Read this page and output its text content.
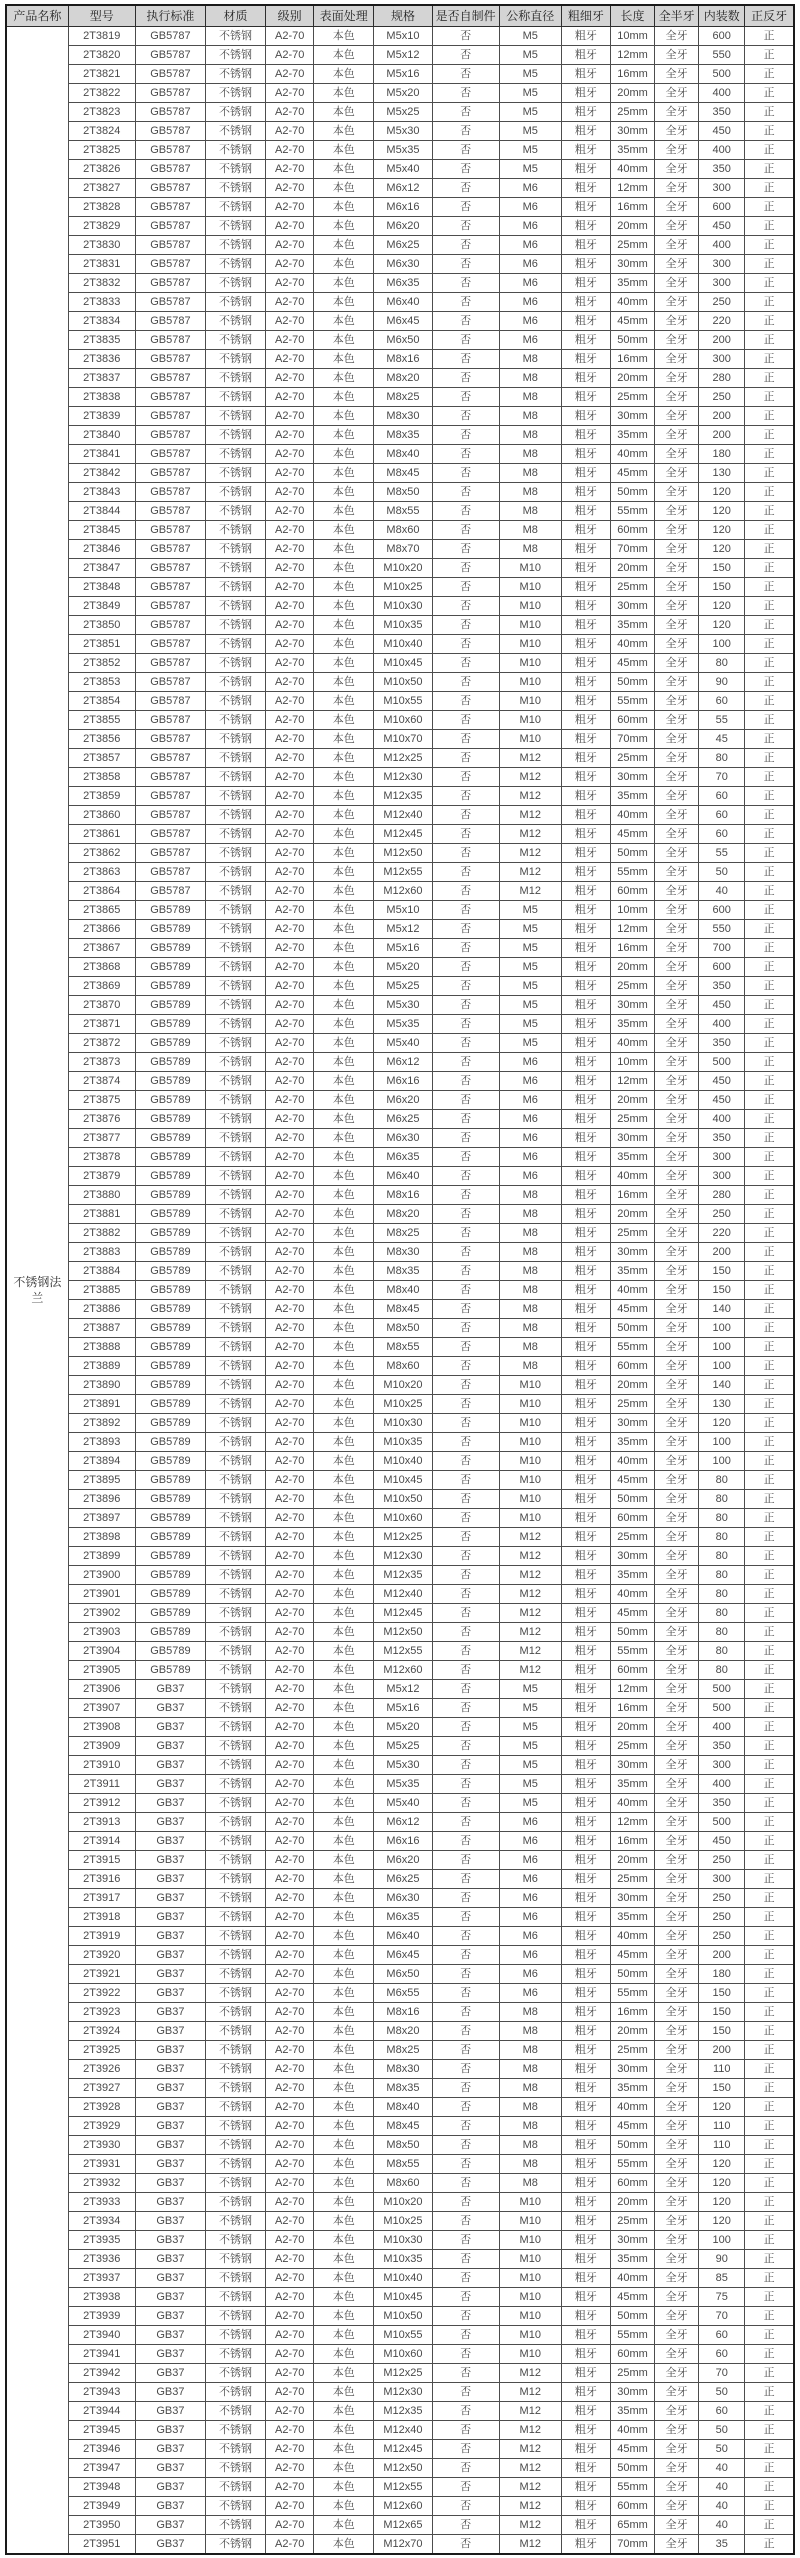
产品名称	型号	执行标准	材质	级别	表面处理	规格	是否自制件	公称直径	粗细牙	长度	全半牙	内装数	正反牙
不锈钢法兰	2T3819	GB5787	不锈钢	A2-70	本色	M5x10	否	M5	粗牙	10mm	全牙	600	正
	2T3820	GB5787	不锈钢	A2-70	本色	M5x12	否	M5	粗牙	12mm	全牙	550	正
	2T3821	GB5787	不锈钢	A2-70	本色	M5x16	否	M5	粗牙	16mm	全牙	500	正
	2T3822	GB5787	不锈钢	A2-70	本色	M5x20	否	M5	粗牙	20mm	全牙	400	正
	2T3823	GB5787	不锈钢	A2-70	本色	M5x25	否	M5	粗牙	25mm	全牙	350	正
	2T3824	GB5787	不锈钢	A2-70	本色	M5x30	否	M5	粗牙	30mm	全牙	450	正
	2T3825	GB5787	不锈钢	A2-70	本色	M5x35	否	M5	粗牙	35mm	全牙	400	正
	2T3826	GB5787	不锈钢	A2-70	本色	M5x40	否	M5	粗牙	40mm	全牙	350	正
	2T3827	GB5787	不锈钢	A2-70	本色	M6x12	否	M6	粗牙	12mm	全牙	300	正
	2T3828	GB5787	不锈钢	A2-70	本色	M6x16	否	M6	粗牙	16mm	全牙	600	正
	2T3829	GB5787	不锈钢	A2-70	本色	M6x20	否	M6	粗牙	20mm	全牙	450	正
	2T3830	GB5787	不锈钢	A2-70	本色	M6x25	否	M6	粗牙	25mm	全牙	400	正
	2T3831	GB5787	不锈钢	A2-70	本色	M6x30	否	M6	粗牙	30mm	全牙	300	正
	2T3832	GB5787	不锈钢	A2-70	本色	M6x35	否	M6	粗牙	35mm	全牙	300	正
	2T3833	GB5787	不锈钢	A2-70	本色	M6x40	否	M6	粗牙	40mm	全牙	250	正
	2T3834	GB5787	不锈钢	A2-70	本色	M6x45	否	M6	粗牙	45mm	全牙	220	正
	2T3835	GB5787	不锈钢	A2-70	本色	M6x50	否	M6	粗牙	50mm	全牙	200	正
	2T3836	GB5787	不锈钢	A2-70	本色	M8x16	否	M8	粗牙	16mm	全牙	300	正
	2T3837	GB5787	不锈钢	A2-70	本色	M8x20	否	M8	粗牙	20mm	全牙	280	正
	2T3838	GB5787	不锈钢	A2-70	本色	M8x25	否	M8	粗牙	25mm	全牙	250	正
	2T3839	GB5787	不锈钢	A2-70	本色	M8x30	否	M8	粗牙	30mm	全牙	200	正
	2T3840	GB5787	不锈钢	A2-70	本色	M8x35	否	M8	粗牙	35mm	全牙	200	正
	2T3841	GB5787	不锈钢	A2-70	本色	M8x40	否	M8	粗牙	40mm	全牙	180	正
	2T3842	GB5787	不锈钢	A2-70	本色	M8x45	否	M8	粗牙	45mm	全牙	130	正
	2T3843	GB5787	不锈钢	A2-70	本色	M8x50	否	M8	粗牙	50mm	全牙	120	正
	2T3844	GB5787	不锈钢	A2-70	本色	M8x55	否	M8	粗牙	55mm	全牙	120	正
	2T3845	GB5787	不锈钢	A2-70	本色	M8x60	否	M8	粗牙	60mm	全牙	120	正
	2T3846	GB5787	不锈钢	A2-70	本色	M8x70	否	M8	粗牙	70mm	全牙	120	正
	2T3847	GB5787	不锈钢	A2-70	本色	M10x20	否	M10	粗牙	20mm	全牙	150	正
	2T3848	GB5787	不锈钢	A2-70	本色	M10x25	否	M10	粗牙	25mm	全牙	150	正
	2T3849	GB5787	不锈钢	A2-70	本色	M10x30	否	M10	粗牙	30mm	全牙	120	正
	2T3850	GB5787	不锈钢	A2-70	本色	M10x35	否	M10	粗牙	35mm	全牙	120	正
	2T3851	GB5787	不锈钢	A2-70	本色	M10x40	否	M10	粗牙	40mm	全牙	100	正
	2T3852	GB5787	不锈钢	A2-70	本色	M10x45	否	M10	粗牙	45mm	全牙	80	正
	2T3853	GB5787	不锈钢	A2-70	本色	M10x50	否	M10	粗牙	50mm	全牙	90	正
	2T3854	GB5787	不锈钢	A2-70	本色	M10x55	否	M10	粗牙	55mm	全牙	60	正
	2T3855	GB5787	不锈钢	A2-70	本色	M10x60	否	M10	粗牙	60mm	全牙	55	正
	2T3856	GB5787	不锈钢	A2-70	本色	M10x70	否	M10	粗牙	70mm	全牙	45	正
	2T3857	GB5787	不锈钢	A2-70	本色	M12x25	否	M12	粗牙	25mm	全牙	80	正
	2T3858	GB5787	不锈钢	A2-70	本色	M12x30	否	M12	粗牙	30mm	全牙	70	正
	2T3859	GB5787	不锈钢	A2-70	本色	M12x35	否	M12	粗牙	35mm	全牙	60	正
	2T3860	GB5787	不锈钢	A2-70	本色	M12x40	否	M12	粗牙	40mm	全牙	60	正
	2T3861	GB5787	不锈钢	A2-70	本色	M12x45	否	M12	粗牙	45mm	全牙	60	正
	2T3862	GB5787	不锈钢	A2-70	本色	M12x50	否	M12	粗牙	50mm	全牙	55	正
	2T3863	GB5787	不锈钢	A2-70	本色	M12x55	否	M12	粗牙	55mm	全牙	50	正
	2T3864	GB5787	不锈钢	A2-70	本色	M12x60	否	M12	粗牙	60mm	全牙	40	正
	2T3865	GB5789	不锈钢	A2-70	本色	M5x10	否	M5	粗牙	10mm	全牙	600	正
	2T3866	GB5789	不锈钢	A2-70	本色	M5x12	否	M5	粗牙	12mm	全牙	550	正
	2T3867	GB5789	不锈钢	A2-70	本色	M5x16	否	M5	粗牙	16mm	全牙	700	正
	2T3868	GB5789	不锈钢	A2-70	本色	M5x20	否	M5	粗牙	20mm	全牙	600	正
	2T3869	GB5789	不锈钢	A2-70	本色	M5x25	否	M5	粗牙	25mm	全牙	350	正
	2T3870	GB5789	不锈钢	A2-70	本色	M5x30	否	M5	粗牙	30mm	全牙	450	正
	2T3871	GB5789	不锈钢	A2-70	本色	M5x35	否	M5	粗牙	35mm	全牙	400	正
	2T3872	GB5789	不锈钢	A2-70	本色	M5x40	否	M5	粗牙	40mm	全牙	350	正
	2T3873	GB5789	不锈钢	A2-70	本色	M6x12	否	M6	粗牙	10mm	全牙	500	正
	2T3874	GB5789	不锈钢	A2-70	本色	M6x16	否	M6	粗牙	12mm	全牙	450	正
	2T3875	GB5789	不锈钢	A2-70	本色	M6x20	否	M6	粗牙	20mm	全牙	450	正
	2T3876	GB5789	不锈钢	A2-70	本色	M6x25	否	M6	粗牙	25mm	全牙	400	正
	2T3877	GB5789	不锈钢	A2-70	本色	M6x30	否	M6	粗牙	30mm	全牙	350	正
	2T3878	GB5789	不锈钢	A2-70	本色	M6x35	否	M6	粗牙	35mm	全牙	300	正
	2T3879	GB5789	不锈钢	A2-70	本色	M6x40	否	M6	粗牙	40mm	全牙	300	正
	2T3880	GB5789	不锈钢	A2-70	本色	M8x16	否	M8	粗牙	16mm	全牙	280	正
	2T3881	GB5789	不锈钢	A2-70	本色	M8x20	否	M8	粗牙	20mm	全牙	250	正
	2T3882	GB5789	不锈钢	A2-70	本色	M8x25	否	M8	粗牙	25mm	全牙	220	正
	2T3883	GB5789	不锈钢	A2-70	本色	M8x30	否	M8	粗牙	30mm	全牙	200	正
	2T3884	GB5789	不锈钢	A2-70	本色	M8x35	否	M8	粗牙	35mm	全牙	150	正
	2T3885	GB5789	不锈钢	A2-70	本色	M8x40	否	M8	粗牙	40mm	全牙	150	正
	2T3886	GB5789	不锈钢	A2-70	本色	M8x45	否	M8	粗牙	45mm	全牙	140	正
	2T3887	GB5789	不锈钢	A2-70	本色	M8x50	否	M8	粗牙	50mm	全牙	100	正
	2T3888	GB5789	不锈钢	A2-70	本色	M8x55	否	M8	粗牙	55mm	全牙	100	正
	2T3889	GB5789	不锈钢	A2-70	本色	M8x60	否	M8	粗牙	60mm	全牙	100	正
	2T3890	GB5789	不锈钢	A2-70	本色	M10x20	否	M10	粗牙	20mm	全牙	140	正
	2T3891	GB5789	不锈钢	A2-70	本色	M10x25	否	M10	粗牙	25mm	全牙	130	正
	2T3892	GB5789	不锈钢	A2-70	本色	M10x30	否	M10	粗牙	30mm	全牙	120	正
	2T3893	GB5789	不锈钢	A2-70	本色	M10x35	否	M10	粗牙	35mm	全牙	100	正
	2T3894	GB5789	不锈钢	A2-70	本色	M10x40	否	M10	粗牙	40mm	全牙	100	正
	2T3895	GB5789	不锈钢	A2-70	本色	M10x45	否	M10	粗牙	45mm	全牙	80	正
	2T3896	GB5789	不锈钢	A2-70	本色	M10x50	否	M10	粗牙	50mm	全牙	80	正
	2T3897	GB5789	不锈钢	A2-70	本色	M10x60	否	M10	粗牙	60mm	全牙	80	正
	2T3898	GB5789	不锈钢	A2-70	本色	M12x25	否	M12	粗牙	25mm	全牙	80	正
	2T3899	GB5789	不锈钢	A2-70	本色	M12x30	否	M12	粗牙	30mm	全牙	80	正
	2T3900	GB5789	不锈钢	A2-70	本色	M12x35	否	M12	粗牙	35mm	全牙	80	正
	2T3901	GB5789	不锈钢	A2-70	本色	M12x40	否	M12	粗牙	40mm	全牙	80	正
	2T3902	GB5789	不锈钢	A2-70	本色	M12x45	否	M12	粗牙	45mm	全牙	80	正
	2T3903	GB5789	不锈钢	A2-70	本色	M12x50	否	M12	粗牙	50mm	全牙	80	正
	2T3904	GB5789	不锈钢	A2-70	本色	M12x55	否	M12	粗牙	55mm	全牙	80	正
	2T3905	GB5789	不锈钢	A2-70	本色	M12x60	否	M12	粗牙	60mm	全牙	80	正
	2T3906	GB37	不锈钢	A2-70	本色	M5x12	否	M5	粗牙	12mm	全牙	500	正
	2T3907	GB37	不锈钢	A2-70	本色	M5x16	否	M5	粗牙	16mm	全牙	500	正
	2T3908	GB37	不锈钢	A2-70	本色	M5x20	否	M5	粗牙	20mm	全牙	400	正
	2T3909	GB37	不锈钢	A2-70	本色	M5x25	否	M5	粗牙	25mm	全牙	350	正
	2T3910	GB37	不锈钢	A2-70	本色	M5x30	否	M5	粗牙	30mm	全牙	300	正
	2T3911	GB37	不锈钢	A2-70	本色	M5x35	否	M5	粗牙	35mm	全牙	400	正
	2T3912	GB37	不锈钢	A2-70	本色	M5x40	否	M5	粗牙	40mm	全牙	350	正
	2T3913	GB37	不锈钢	A2-70	本色	M6x12	否	M6	粗牙	12mm	全牙	500	正
	2T3914	GB37	不锈钢	A2-70	本色	M6x16	否	M6	粗牙	16mm	全牙	450	正
	2T3915	GB37	不锈钢	A2-70	本色	M6x20	否	M6	粗牙	20mm	全牙	250	正
	2T3916	GB37	不锈钢	A2-70	本色	M6x25	否	M6	粗牙	25mm	全牙	300	正
	2T3917	GB37	不锈钢	A2-70	本色	M6x30	否	M6	粗牙	30mm	全牙	250	正
	2T3918	GB37	不锈钢	A2-70	本色	M6x35	否	M6	粗牙	35mm	全牙	250	正
	2T3919	GB37	不锈钢	A2-70	本色	M6x40	否	M6	粗牙	40mm	全牙	250	正
	2T3920	GB37	不锈钢	A2-70	本色	M6x45	否	M6	粗牙	45mm	全牙	200	正
	2T3921	GB37	不锈钢	A2-70	本色	M6x50	否	M6	粗牙	50mm	全牙	180	正
	2T3922	GB37	不锈钢	A2-70	本色	M6x55	否	M6	粗牙	55mm	全牙	150	正
	2T3923	GB37	不锈钢	A2-70	本色	M8x16	否	M8	粗牙	16mm	全牙	150	正
	2T3924	GB37	不锈钢	A2-70	本色	M8x20	否	M8	粗牙	20mm	全牙	150	正
	2T3925	GB37	不锈钢	A2-70	本色	M8x25	否	M8	粗牙	25mm	全牙	200	正
	2T3926	GB37	不锈钢	A2-70	本色	M8x30	否	M8	粗牙	30mm	全牙	110	正
	2T3927	GB37	不锈钢	A2-70	本色	M8x35	否	M8	粗牙	35mm	全牙	150	正
	2T3928	GB37	不锈钢	A2-70	本色	M8x40	否	M8	粗牙	40mm	全牙	120	正
	2T3929	GB37	不锈钢	A2-70	本色	M8x45	否	M8	粗牙	45mm	全牙	110	正
	2T3930	GB37	不锈钢	A2-70	本色	M8x50	否	M8	粗牙	50mm	全牙	110	正
	2T3931	GB37	不锈钢	A2-70	本色	M8x55	否	M8	粗牙	55mm	全牙	120	正
	2T3932	GB37	不锈钢	A2-70	本色	M8x60	否	M8	粗牙	60mm	全牙	120	正
	2T3933	GB37	不锈钢	A2-70	本色	M10x20	否	M10	粗牙	20mm	全牙	120	正
	2T3934	GB37	不锈钢	A2-70	本色	M10x25	否	M10	粗牙	25mm	全牙	120	正
	2T3935	GB37	不锈钢	A2-70	本色	M10x30	否	M10	粗牙	30mm	全牙	100	正
	2T3936	GB37	不锈钢	A2-70	本色	M10x35	否	M10	粗牙	35mm	全牙	90	正
	2T3937	GB37	不锈钢	A2-70	本色	M10x40	否	M10	粗牙	40mm	全牙	85	正
	2T3938	GB37	不锈钢	A2-70	本色	M10x45	否	M10	粗牙	45mm	全牙	75	正
	2T3939	GB37	不锈钢	A2-70	本色	M10x50	否	M10	粗牙	50mm	全牙	70	正
	2T3940	GB37	不锈钢	A2-70	本色	M10x55	否	M10	粗牙	55mm	全牙	60	正
	2T3941	GB37	不锈钢	A2-70	本色	M10x60	否	M10	粗牙	60mm	全牙	60	正
	2T3942	GB37	不锈钢	A2-70	本色	M12x25	否	M12	粗牙	25mm	全牙	70	正
	2T3943	GB37	不锈钢	A2-70	本色	M12x30	否	M12	粗牙	30mm	全牙	50	正
	2T3944	GB37	不锈钢	A2-70	本色	M12x35	否	M12	粗牙	35mm	全牙	60	正
	2T3945	GB37	不锈钢	A2-70	本色	M12x40	否	M12	粗牙	40mm	全牙	50	正
	2T3946	GB37	不锈钢	A2-70	本色	M12x45	否	M12	粗牙	45mm	全牙	50	正
	2T3947	GB37	不锈钢	A2-70	本色	M12x50	否	M12	粗牙	50mm	全牙	40	正
	2T3948	GB37	不锈钢	A2-70	本色	M12x55	否	M12	粗牙	55mm	全牙	40	正
	2T3949	GB37	不锈钢	A2-70	本色	M12x60	否	M12	粗牙	60mm	全牙	40	正
	2T3950	GB37	不锈钢	A2-70	本色	M12x65	否	M12	粗牙	65mm	全牙	40	正
	2T3951	GB37	不锈钢	A2-70	本色	M12x70	否	M12	粗牙	70mm	全牙	35	正
